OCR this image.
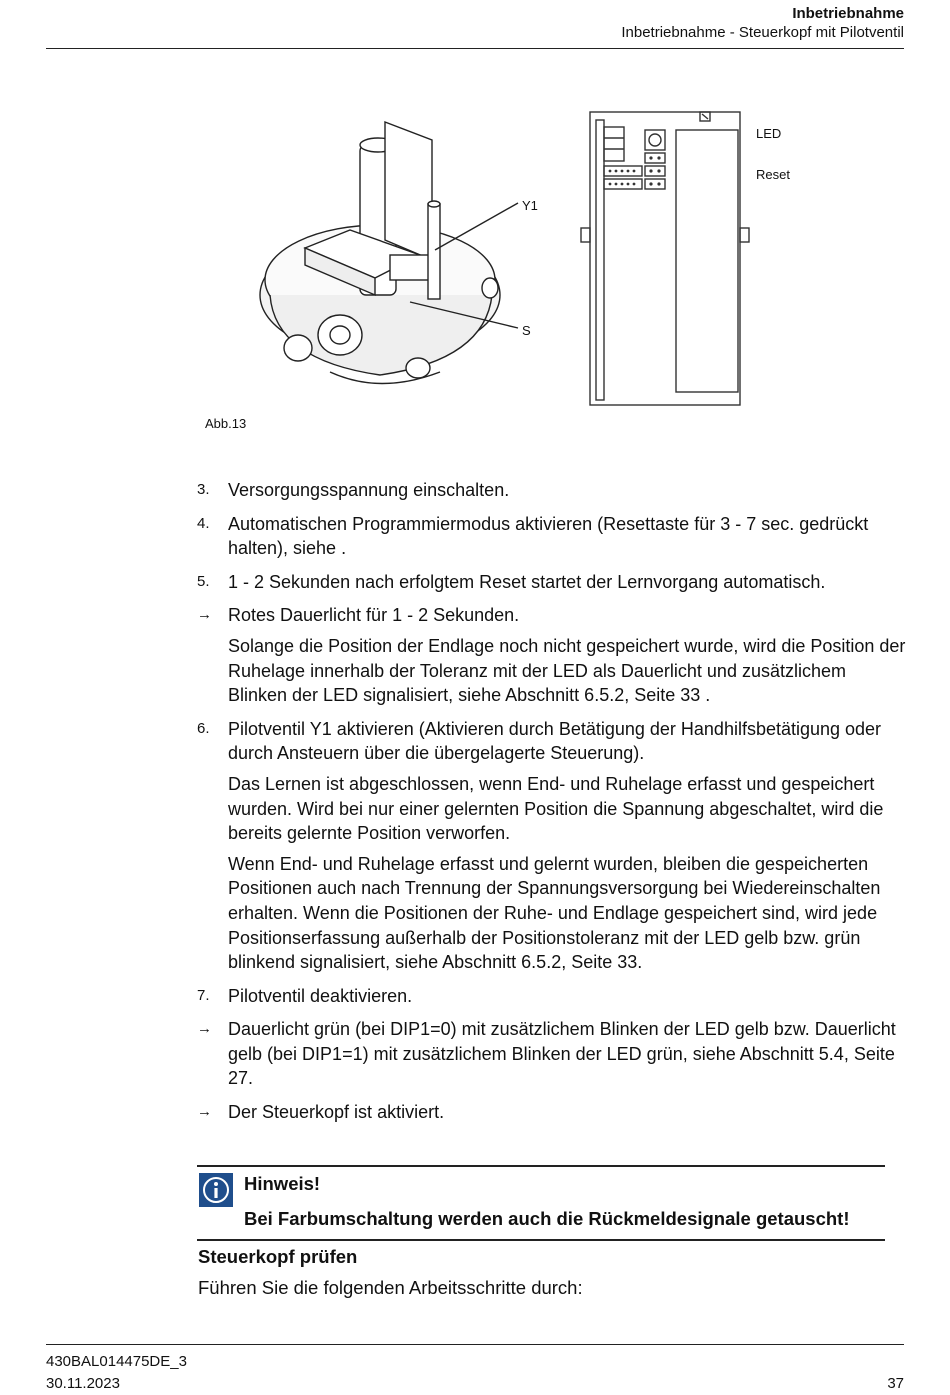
Inbetriebnahme
Inbetriebnahme - Steuerkopf mit Pilotventil
Y1
S
LED
Reset
Abb.13
3. Versorgungsspannung einschalten.

4. Automatischen Programmiermodus aktivieren (Resettaste für 3 - 7 sec. gedrückt halten), siehe .

5. 1 - 2 Sekunden nach erfolgtem Reset startet der Lernvorgang automatisch.

→ Rotes Dauerlicht für 1 - 2 Sekunden.

Solange die Position der Endlage noch nicht gespeichert wurde, wird die Position der Ruhelage innerhalb der Toleranz mit der LED als Dauerlicht und zusätzlichem Blinken der LED signalisiert, siehe Abschnitt 6.5.2, Seite 33 .

6. Pilotventil Y1 aktivieren (Aktivieren durch Betätigung der Handhilfsbetätigung oder durch Ansteuern über die übergelagerte Steuerung).

Das Lernen ist abgeschlossen, wenn End- und Ruhelage erfasst und gespeichert wurden. Wird bei nur einer gelernten Position die Spannung abgeschaltet, wird die bereits gelernte Position verworfen.

Wenn End- und Ruhelage erfasst und gelernt wurden, bleiben die gespeicherten Positionen auch nach Trennung der Spannungsversorgung bei Wiedereinschalten erhalten. Wenn die Positionen der Ruhe- und Endlage gespeichert sind, wird jede Positionserfassung außerhalb der Positionstoleranz mit der LED gelb bzw. grün blinkend signalisiert, siehe Abschnitt 6.5.2, Seite 33.

7. Pilotventil deaktivieren.

→ Dauerlicht grün (bei DIP1=0) mit zusätzlichem Blinken der LED gelb bzw. Dauerlicht gelb (bei DIP1=1) mit zusätzlichem Blinken der LED grün, siehe Abschnitt 5.4, Seite 27.

→ Der Steuerkopf ist aktiviert.

Hinweis!
Bei Farbumschaltung werden auch die Rückmeldesignale getauscht!
Steuerkopf prüfen
Führen Sie die folgenden Arbeitsschritte durch:
430BAL014475DE_3
30.11.2023	37
